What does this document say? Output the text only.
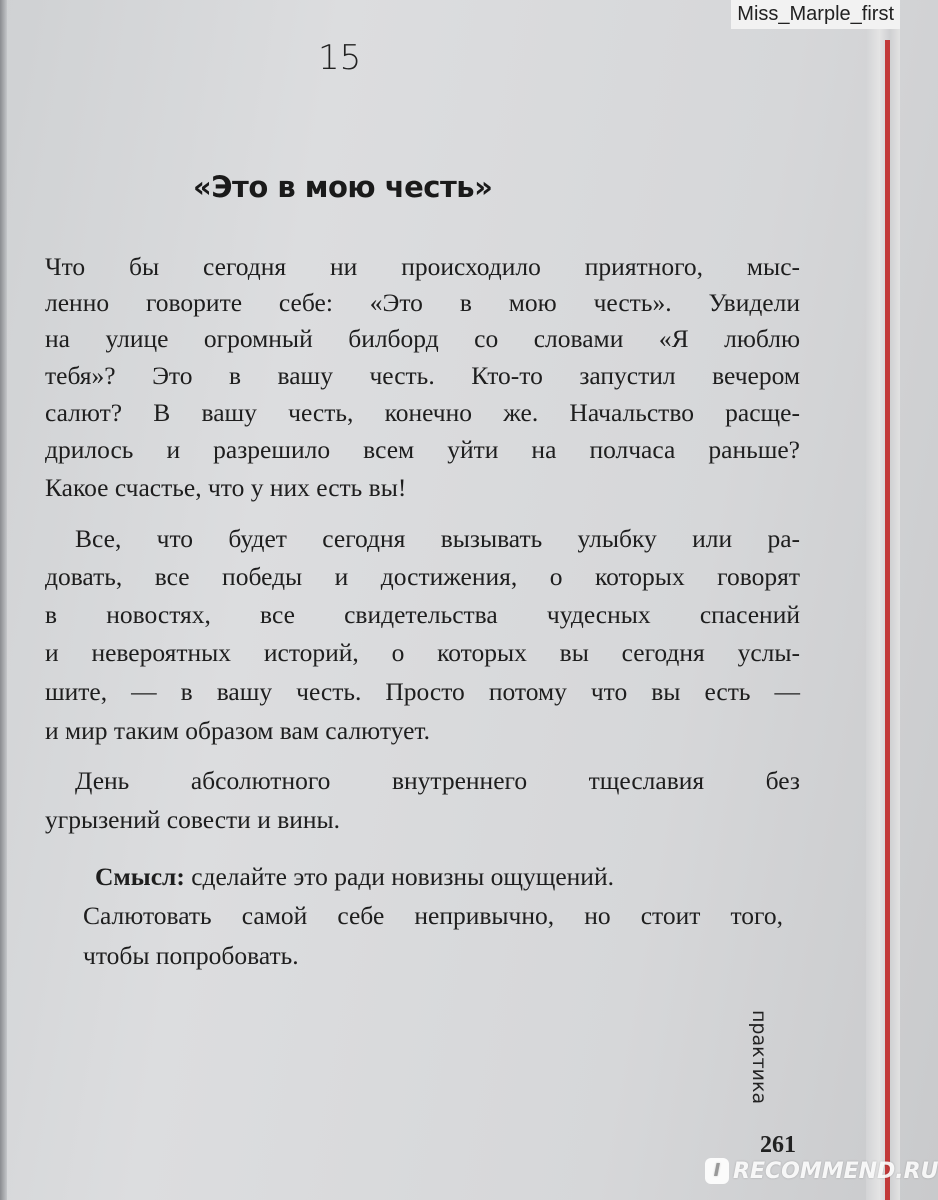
15
«Это в мою честь»
Что бы сегодня ни происходило приятного, мыс-
ленно говорите себе: «Это в мою честь». Увидели
на улице огромный билборд со словами «Я люблю
тебя»? Это в вашу честь. Кто-то запустил вечером
салют? В вашу честь, конечно же. Начальство расще-
дрилось и разрешило всем уйти на полчаса раньше?
Какое счастье, что у них есть вы!
Все, что будет сегодня вызывать улыбку или ра-
довать, все победы и достижения, о которых говорят
в новостях, все свидетельства чудесных спасений
и невероятных историй, о которых вы сегодня услы-
шите, — в вашу честь. Просто потому что вы есть —
и мир таким образом вам салютует.
День абсолютного внутреннего тщеславия без
угрызений совести и вины.
Смысл: сделайте это ради новизны ощущений.
Салютовать самой себе непривычно, но стоит того,
чтобы попробовать.
практика
261
Miss_Marple_first
I RECOMMEND.RU
